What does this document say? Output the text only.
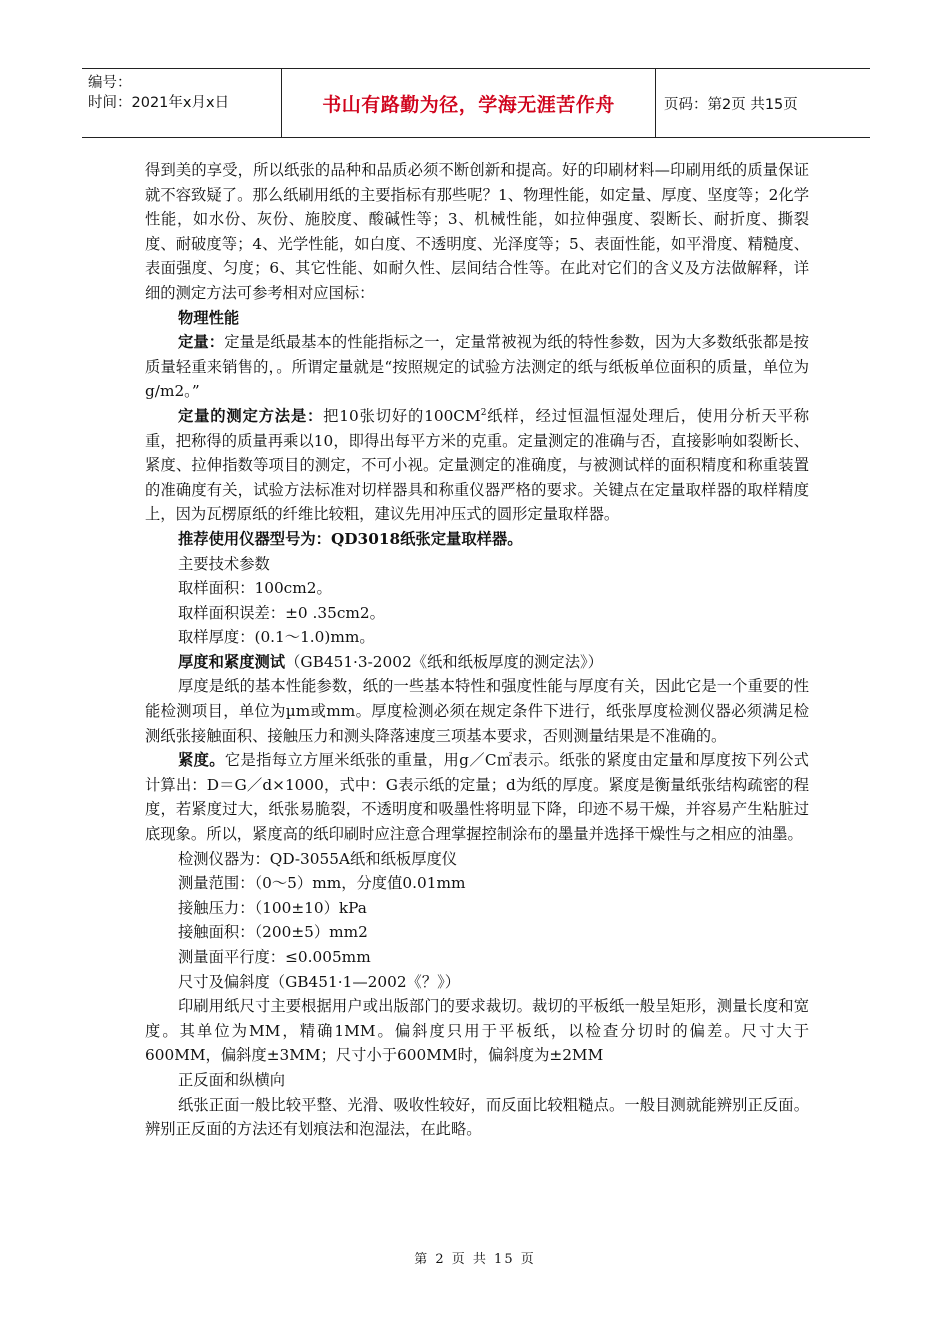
编号：
时间：2021年x月x日	书山有路勤为径，学海无涯苦作舟	页码：第2页 共15页

得到美的享受，所以纸张的品种和品质必须不断创新和提高。好的印刷材料—印刷用纸的质量保证就不容致疑了。那么纸刷用纸的主要指标有那些呢？1、物理性能，如定量、厚度、坚度等；2化学性能，如水份、灰份、施胶度、酸碱性等；3、机械性能，如拉伸强度、裂断长、耐折度、撕裂度、耐破度等；4、光学性能，如白度、不透明度、光泽度等；5、表面性能，如平滑度、精糙度、表面强度、匀度；6、其它性能、如耐久性、层间结合性等。在此对它们的含义及方法做解释，详细的测定方法可参考相对应国标：

物理性能

定量：定量是纸最基本的性能指标之一，定量常被视为纸的特性参数，因为大多数纸张都是按质量轻重来销售的，。所谓定量就是“按照规定的试验方法测定的纸与纸板单位面积的质量，单位为g/m2。”

定量的测定方法是：把10张切好的$100CM^2$纸样，经过恒温恒湿处理后，使用分析天平称重，把称得的质量再乘以10，即得出每平方米的克重。定量测定的准确与否，直接影响如裂断长、紧度、拉伸指数等项目的测定，不可小视。定量测定的准确度，与被测试样的面积精度和称重装置的准确度有关，试验方法标准对切样器具和称重仪器严格的要求。关键点在定量取样器的取样精度上，因为瓦楞原纸的纤维比较粗，建议先用冲压式的圆形定量取样器。

推荐使用仪器型号为：QD3018纸张定量取样器。

主要技术参数

取样面积：100cm2。

取样面积误差：±0 .35cm2。

取样厚度：(0.1～1.0)mm。

厚度和紧度测试（GB451·3-2002《纸和纸板厚度的测定法》）

厚度是纸的基本性能参数，纸的一些基本特性和强度性能与厚度有关，因此它是一个重要的性能检测项目，单位为µm或mm。厚度检测必须在规定条件下进行，纸张厚度检测仪器必须满足检测纸张接触面积、接触压力和测头降落速度三项基本要求，否则测量结果是不准确的。

紧度。它是指每立方厘米纸张的重量，用g／C㎡表示。纸张的紧度由定量和厚度按下列公式计算出：D＝G／d×1000，式中：G表示纸的定量；d为纸的厚度。紧度是衡量纸张结构疏密的程度，若紧度过大，纸张易脆裂，不透明度和吸墨性将明显下降，印迹不易干燥，并容易产生粘脏过底现象。所以，紧度高的纸印刷时应注意合理掌握控制涂布的墨量并选择干燥性与之相应的油墨。

检测仪器为：QD-3055A纸和纸板厚度仪

测量范围：（0～5）mm，分度值0.01mm

接触压力：（100±10）kPa

接触面积：（200±5）mm2

测量面平行度：≤0.005mm

尺寸及偏斜度（GB451·1—2002《？》）

印刷用纸尺寸主要根据用户或出版部门的要求裁切。裁切的平板纸一般呈矩形，测量长度和宽度。其单位为MM，精确1MM。偏斜度只用于平板纸，以检查分切时的偏差。尺寸大于600MM，偏斜度±3MM；尺寸小于600MM时，偏斜度为±2MM

正反面和纵横向

纸张正面一般比较平整、光滑、吸收性较好，而反面比较粗糙点。一般目测就能辨别正反面。辨别正反面的方法还有划痕法和泡湿法，在此略。

第 2 页 共 15 页
